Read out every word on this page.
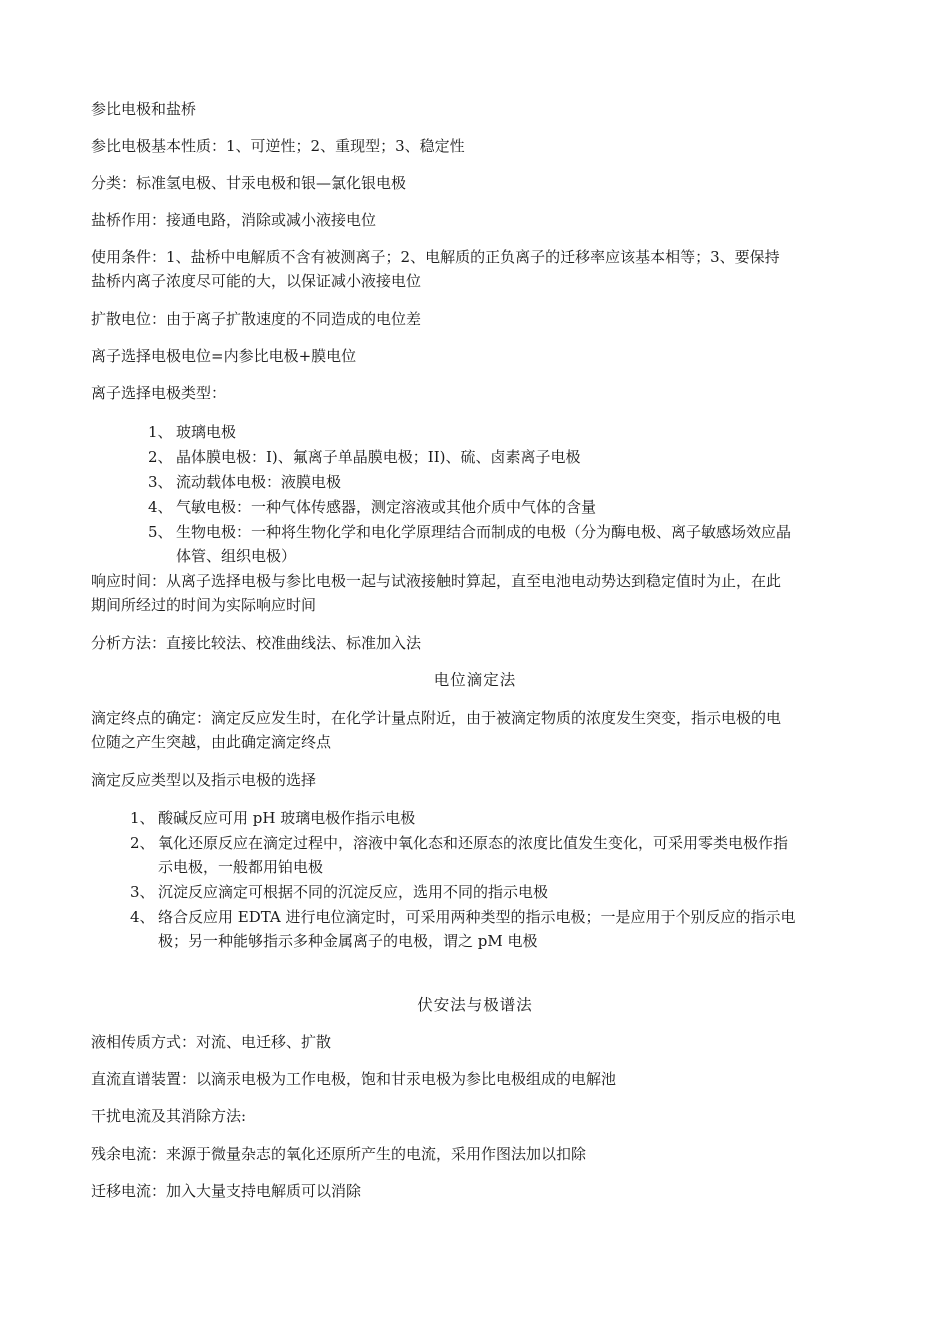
参比电极和盐桥
参比电极基本性质：1、可逆性；2、重现型；3、稳定性
分类：标准氢电极、甘汞电极和银—氯化银电极
盐桥作用：接通电路，消除或减小液接电位
使用条件：1、盐桥中电解质不含有被测离子；2、电解质的正负离子的迁移率应该基本相等；3、要保持
盐桥内离子浓度尽可能的大，以保证减小液接电位
扩散电位：由于离子扩散速度的不同造成的电位差
离子选择电极电位=内参比电极+膜电位
离子选择电极类型：
1、 玻璃电极
2、 晶体膜电极：I)、氟离子单晶膜电极；II)、硫、卤素离子电极
3、 流动载体电极：液膜电极
4、 气敏电极：一种气体传感器，测定溶液或其他介质中气体的含量
5、 生物电极：一种将生物化学和电化学原理结合而制成的电极（分为酶电极、离子敏感场效应晶
体管、组织电极）
响应时间：从离子选择电极与参比电极一起与试液接触时算起，直至电池电动势达到稳定值时为止，在此
期间所经过的时间为实际响应时间
分析方法：直接比较法、校准曲线法、标准加入法
电位滴定法
滴定终点的确定：滴定反应发生时，在化学计量点附近，由于被滴定物质的浓度发生突变，指示电极的电
位随之产生突越，由此确定滴定终点
滴定反应类型以及指示电极的选择
1、 酸碱反应可用 pH 玻璃电极作指示电极
2、 氧化还原反应在滴定过程中，溶液中氧化态和还原态的浓度比值发生变化，可采用零类电极作指
示电极，一般都用铂电极
3、 沉淀反应滴定可根据不同的沉淀反应，选用不同的指示电极
4、 络合反应用 EDTA 进行电位滴定时，可采用两种类型的指示电极；一是应用于个别反应的指示电
极；另一种能够指示多种金属离子的电极，谓之 pM 电极
伏安法与极谱法
液相传质方式：对流、电迁移、扩散
直流直谱装置：以滴汞电极为工作电极，饱和甘汞电极为参比电极组成的电解池
干扰电流及其消除方法:
残余电流：来源于微量杂志的氧化还原所产生的电流，采用作图法加以扣除
迁移电流：加入大量支持电解质可以消除
